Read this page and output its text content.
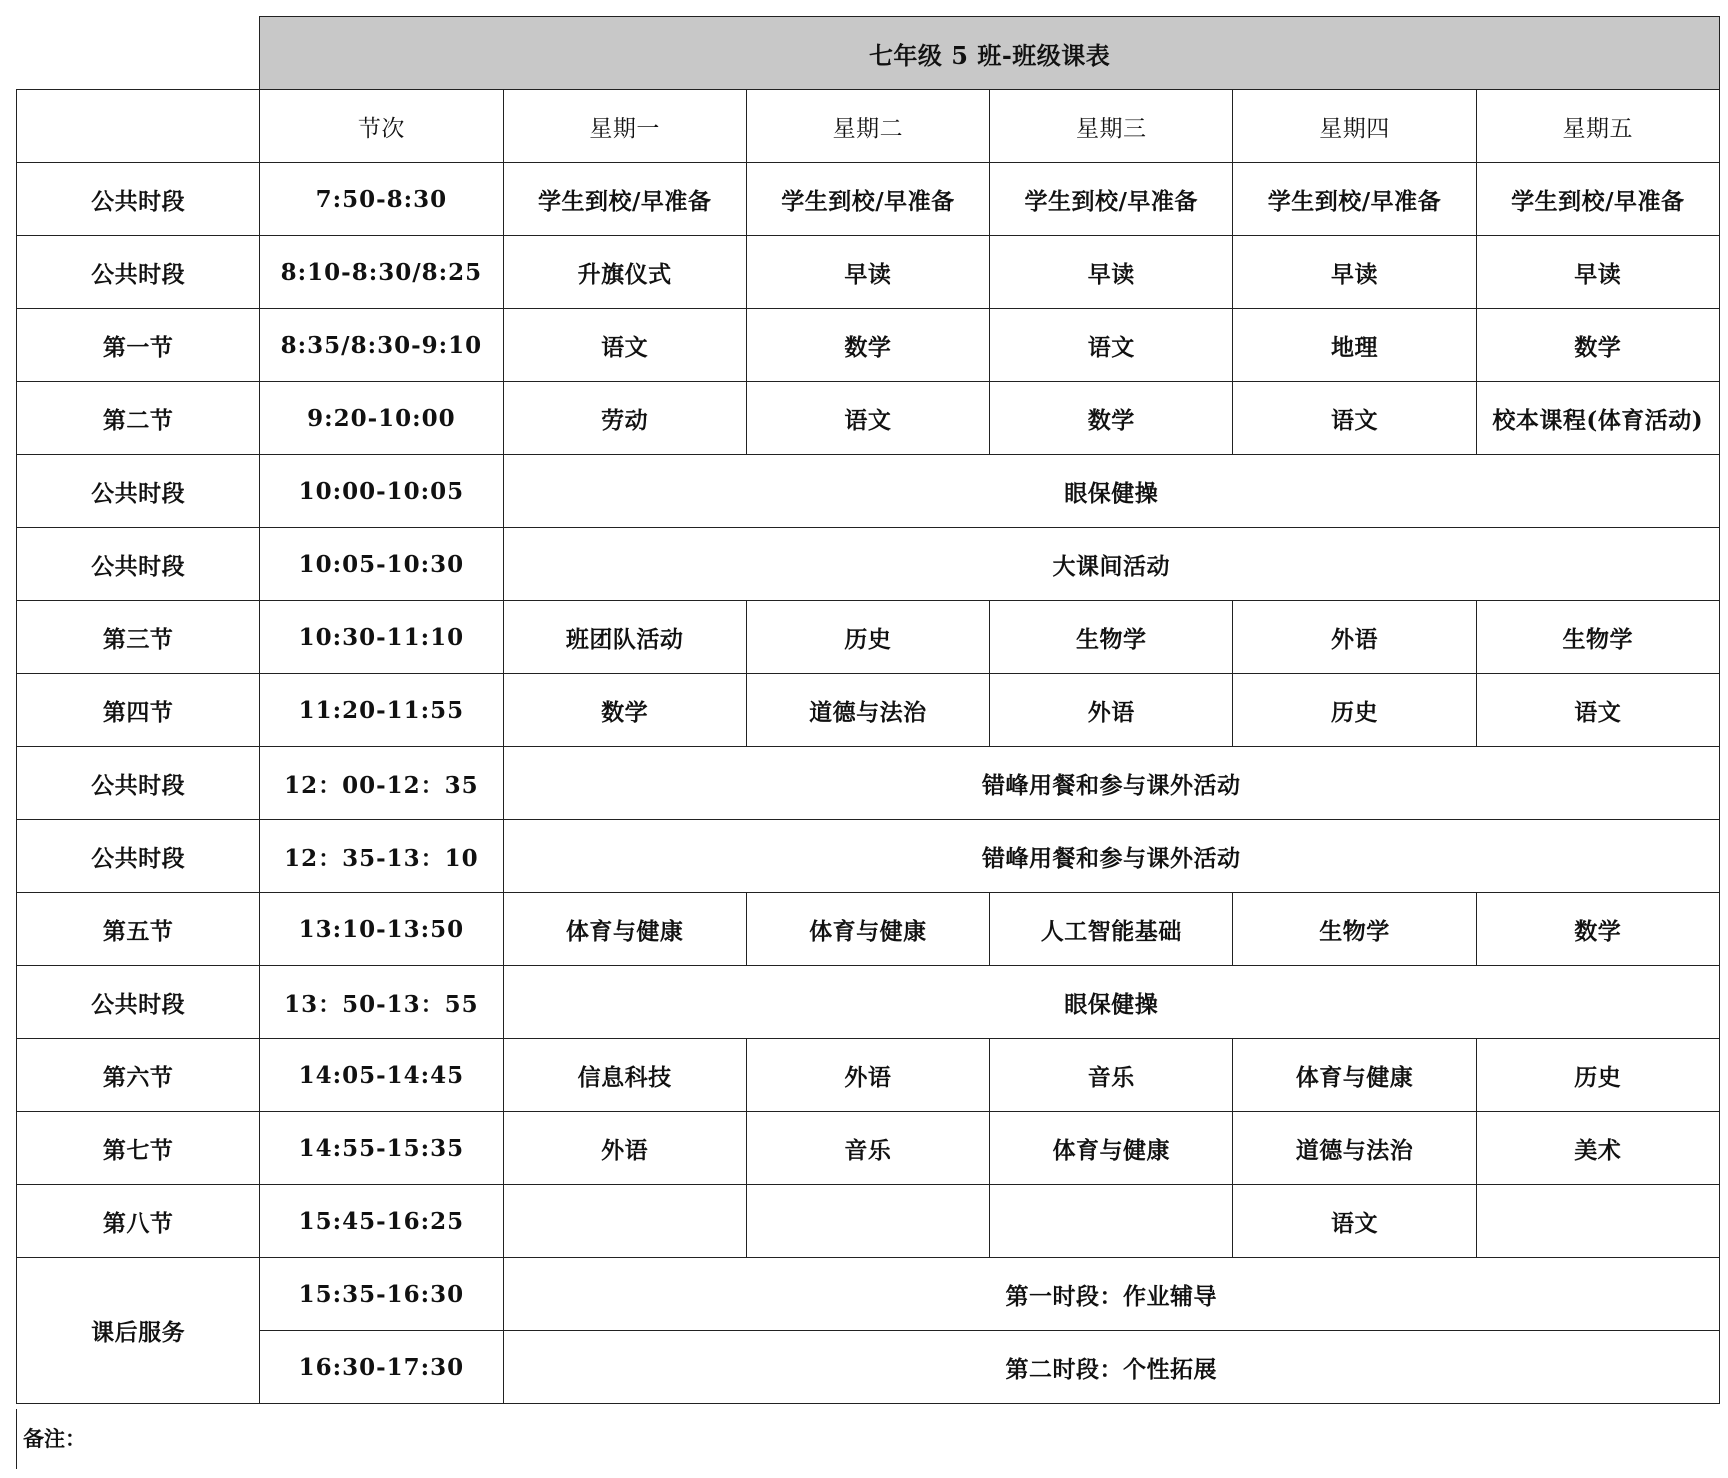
	七年级 5 班-班级课表					
	节次	星期一	星期二	星期三	星期四	星期五
公共时段	7:50-8:30	学生到校/早准备	学生到校/早准备	学生到校/早准备	学生到校/早准备	学生到校/早准备
公共时段	8:10-8:30/8:25	升旗仪式	早读	早读	早读	早读
第一节	8:35/8:30-9:10	语文	数学	语文	地理	数学
第二节	9:20-10:00	劳动	语文	数学	语文	校本课程(体育活动)
公共时段	10:00-10:05	眼保健操				
公共时段	10:05-10:30	大课间活动				
第三节	10:30-11:10	班团队活动	历史	生物学	外语	生物学
第四节	11:20-11:55	数学	道德与法治	外语	历史	语文
公共时段	12：00-12：35	错峰用餐和参与课外活动				
公共时段	12：35-13：10	错峰用餐和参与课外活动				
第五节	13:10-13:50	体育与健康	体育与健康	人工智能基础	生物学	数学
公共时段	13：50-13：55	眼保健操				
第六节	14:05-14:45	信息科技	外语	音乐	体育与健康	历史
第七节	14:55-15:35	外语	音乐	体育与健康	道德与法治	美术
第八节	15:45-16:25				语文	
课后服务	15:35-16:30	第一时段：作业辅导				
	16:30-17:30	第二时段：个性拓展				
备注：
